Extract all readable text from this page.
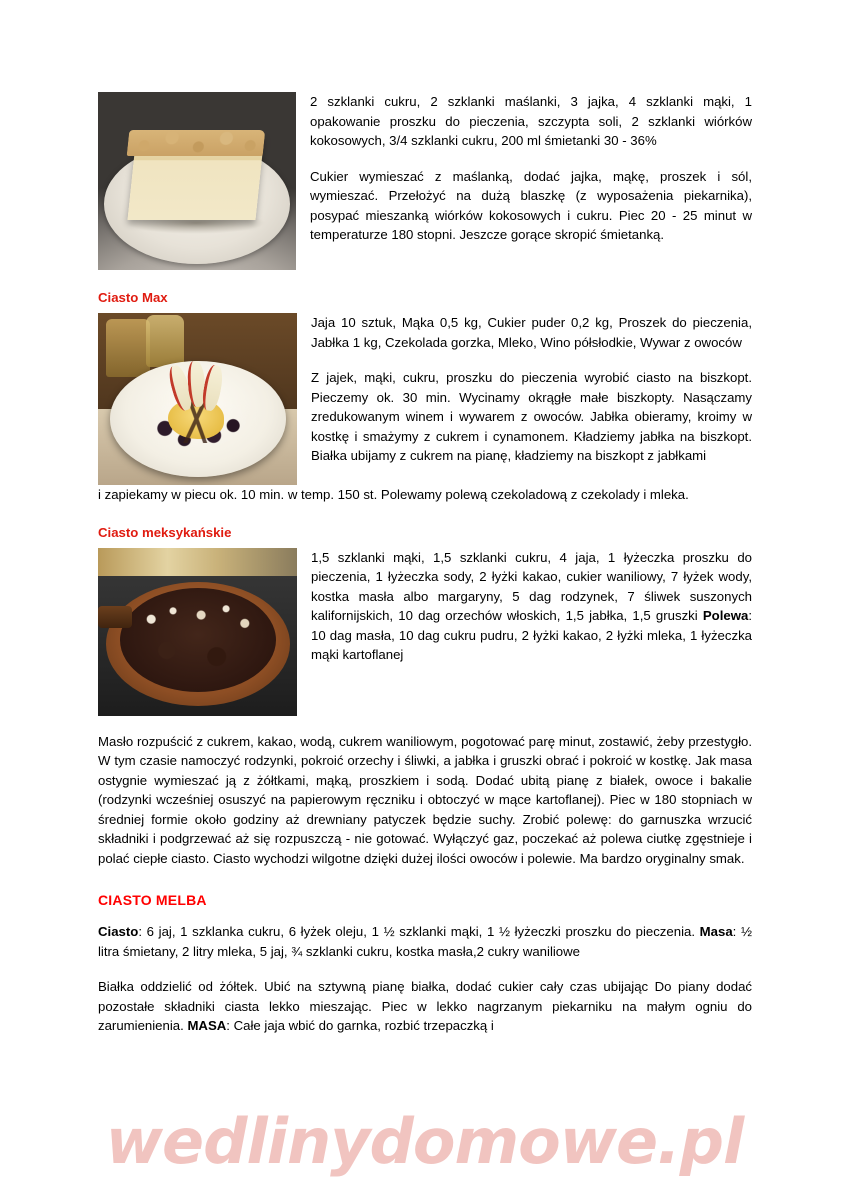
2 szklanki cukru, 2 szklanki maślanki, 3 jajka, 4 szklanki mąki, 1 opakowanie proszku do pieczenia, szczypta soli, 2 szklanki wiórków kokosowych, 3/4 szklanki cukru, 200 ml śmietanki 30 - 36%

Cukier wymieszać z maślanką, dodać jajka, mąkę, proszek i sól, wymieszać. Przełożyć na dużą blaszkę (z wyposażenia piekarnika), posypać mieszanką wiórków kokosowych i cukru. Piec 20 - 25 minut w temperaturze 180 stopni. Jeszcze gorące skropić śmietanką.

Ciasto Max

Jaja 10 sztuk, Mąka 0,5 kg, Cukier puder 0,2 kg, Proszek do pieczenia, Jabłka 1 kg, Czekolada gorzka, Mleko, Wino półsłodkie, Wywar z owoców

Z jajek, mąki, cukru, proszku do pieczenia wyrobić ciasto na biszkopt. Pieczemy ok. 30 min. Wycinamy okrągłe małe biszkopty. Nasączamy zredukowanym winem i wywarem z owoców. Jabłka obieramy, kroimy w kostkę i smażymy z cukrem i cynamonem. Kładziemy jabłka na biszkopt. Białka ubijamy z cukrem na pianę, kładziemy na biszkopt z jabłkami

i zapiekamy w piecu ok. 10 min. w temp. 150 st. Polewamy polewą czekoladową z czekolady i mleka.

Ciasto meksykańskie

1,5 szklanki mąki, 1,5 szklanki cukru, 4 jaja, 1 łyżeczka proszku do pieczenia, 1 łyżeczka sody, 2 łyżki kakao, cukier waniliowy, 7 łyżek wody, kostka masła albo margaryny, 5 dag rodzynek, 7 śliwek suszonych kalifornijskich, 10 dag orzechów włoskich, 1,5 jabłka, 1,5 gruszki Polewa: 10 dag masła, 10 dag cukru pudru, 2 łyżki kakao, 2 łyżki mleka, 1 łyżeczka mąki kartoflanej

Masło rozpuścić z cukrem, kakao, wodą, cukrem waniliowym, pogotować parę minut, zostawić, żeby przestygło. W tym czasie namoczyć rodzynki, pokroić orzechy i śliwki, a jabłka i gruszki obrać i pokroić w kostkę. Jak masa ostygnie wymieszać ją z żółtkami, mąką, proszkiem i sodą. Dodać ubitą pianę z białek, owoce i bakalie (rodzynki wcześniej osuszyć na papierowym ręczniku i obtoczyć w mące kartoflanej). Piec w 180 stopniach w średniej formie około godziny aż drewniany patyczek będzie suchy. Zrobić polewę: do garnuszka wrzucić składniki i podgrzewać aż się rozpuszczą - nie gotować. Wyłączyć gaz, poczekać aż polewa ciutkę zgęstnieje i polać ciepłe ciasto. Ciasto wychodzi wilgotne dzięki dużej ilości owoców i polewie. Ma bardzo oryginalny smak.

CIASTO MELBA

Ciasto: 6 jaj, 1 szklanka cukru, 6 łyżek oleju, 1 ½ szklanki mąki, 1 ½ łyżeczki proszku do pieczenia. Masa: ½ litra śmietany, 2 litry mleka, 5 jaj, ¾ szklanki cukru, kostka masła,2 cukry waniliowe

Białka oddzielić od żółtek. Ubić na sztywną pianę białka, dodać cukier cały czas ubijając Do piany dodać pozostałe składniki ciasta lekko mieszając. Piec w lekko nagrzanym piekarniku na małym ogniu do zarumienienia. MASA: Całe jaja wbić do garnka, rozbić trzepaczką i

wedlinydomowe.pl
